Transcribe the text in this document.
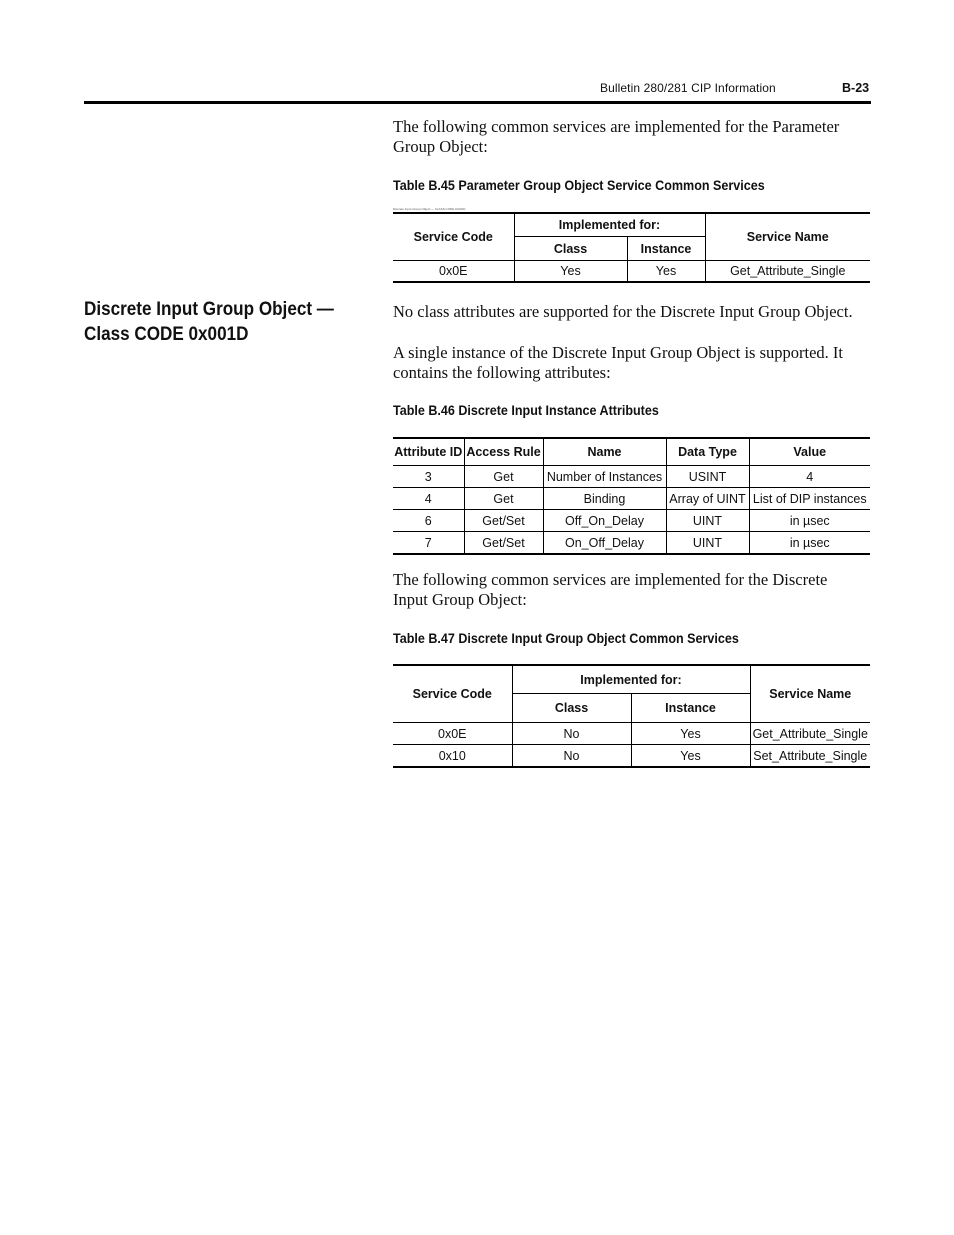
Bulletin 280/281 CIP Information	B-23
The following common services are implemented for the Parameter Group Object:
Table B.45 Parameter Group Object Service Common Services
Discrete Input Group Object — CLASS CODE 0x001D
Service Code	Implemented for:		Service Name
	Class	Instance	
0x0E	Yes	Yes	Get_Attribute_Single
Discrete Input Group Object —
Class CODE 0x001D
No class attributes are supported for the Discrete Input Group Object.
A single instance of the Discrete Input Group Object is supported. It contains the following attributes:
Table B.46 Discrete Input Instance Attributes
Attribute ID	Access Rule	Name	Data Type	Value
3	Get	Number of Instances	USINT	4
4	Get	Binding	Array of UINT	List of DIP instances
6	Get/Set	Off_On_Delay	UINT	in µsec
7	Get/Set	On_Off_Delay	UINT	in µsec
The following common services are implemented for the Discrete Input Group Object:
Table B.47 Discrete Input Group Object Common Services
Service Code	Implemented for:		Service Name
	Class	Instance	
0x0E	No	Yes	Get_Attribute_Single
0x10	No	Yes	Set_Attribute_Single
